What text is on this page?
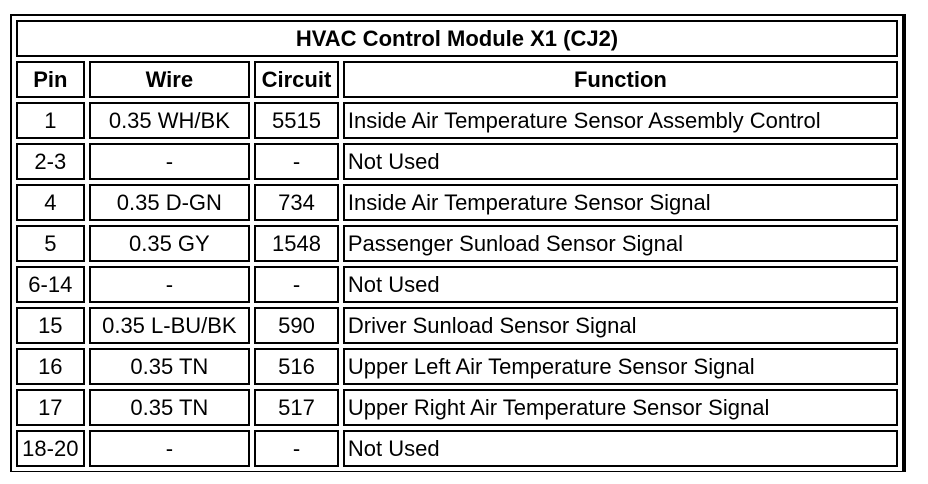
HVAC Control Module X1 (CJ2)			
Pin	Wire	Circuit	Function
1	0.35 WH/BK	5515	Inside Air Temperature Sensor Assembly Control
2-3	-	-	Not Used
4	0.35 D-GN	734	Inside Air Temperature Sensor Signal
5	0.35 GY	1548	Passenger Sunload Sensor Signal
6-14	-	-	Not Used
15	0.35 L-BU/BK	590	Driver Sunload Sensor Signal
16	0.35 TN	516	Upper Left Air Temperature Sensor Signal
17	0.35 TN	517	Upper Right Air Temperature Sensor Signal
18-20	-	-	Not Used
